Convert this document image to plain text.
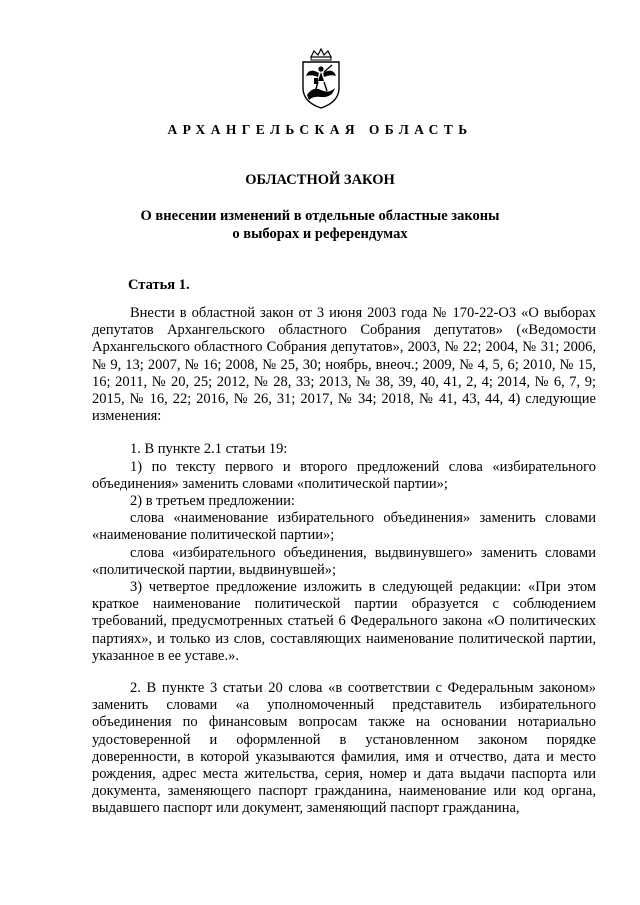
АРХАНГЕЛЬСКАЯ ОБЛАСТЬ
ОБЛАСТНОЙ ЗАКОН
О внесении изменений в отдельные областные законы
о выборах и референдумах
Статья 1.

Внести в областной закон от 3 июня 2003 года № 170-22-ОЗ «О выборах депутатов Архангельского областного Собрания депутатов» («Ведомости Архангельского областного Собрания депутатов», 2003, № 22; 2004, № 31; 2006, № 9, 13; 2007, № 16; 2008, № 25, 30; ноябрь, внеоч.; 2009, № 4, 5, 6; 2010, № 15, 16; 2011, № 20, 25; 2012, № 28, 33; 2013, № 38, 39, 40, 41, 2, 4; 2014, № 6, 7, 9; 2015, № 16, 22; 2016, № 26, 31; 2017, № 34; 2018, № 41, 43, 44, 4) следующие изменения:

1. В пункте 2.1 статьи 19:

1) по тексту первого и второго предложений слова «избирательного объединения» заменить словами «политической партии»;

2) в третьем предложении:

слова «наименование избирательного объединения» заменить словами «наименование политической партии»;

слова «избирательного объединения, выдвинувшего» заменить словами «политической партии, выдвинувшей»;

3) четвертое предложение изложить в следующей редакции: «При этом краткое наименование политической партии образуется с соблюдением требований, предусмотренных статьей 6 Федерального закона «О политических партиях», и только из слов, составляющих наименование политической партии, указанное в ее уставе.».

2. В пункте 3 статьи 20 слова «в соответствии с Федеральным законом» заменить словами «а уполномоченный представитель избирательного объединения по финансовым вопросам также на основании нотариально удостоверенной и оформленной в установленном законом порядке доверенности, в которой указываются фамилия, имя и отчество, дата и место рождения, адрес места жительства, серия, номер и дата выдачи паспорта или документа, заменяющего паспорт гражданина, наименование или код органа, выдавшего паспорт или документ, заменяющий паспорт гражданина,
